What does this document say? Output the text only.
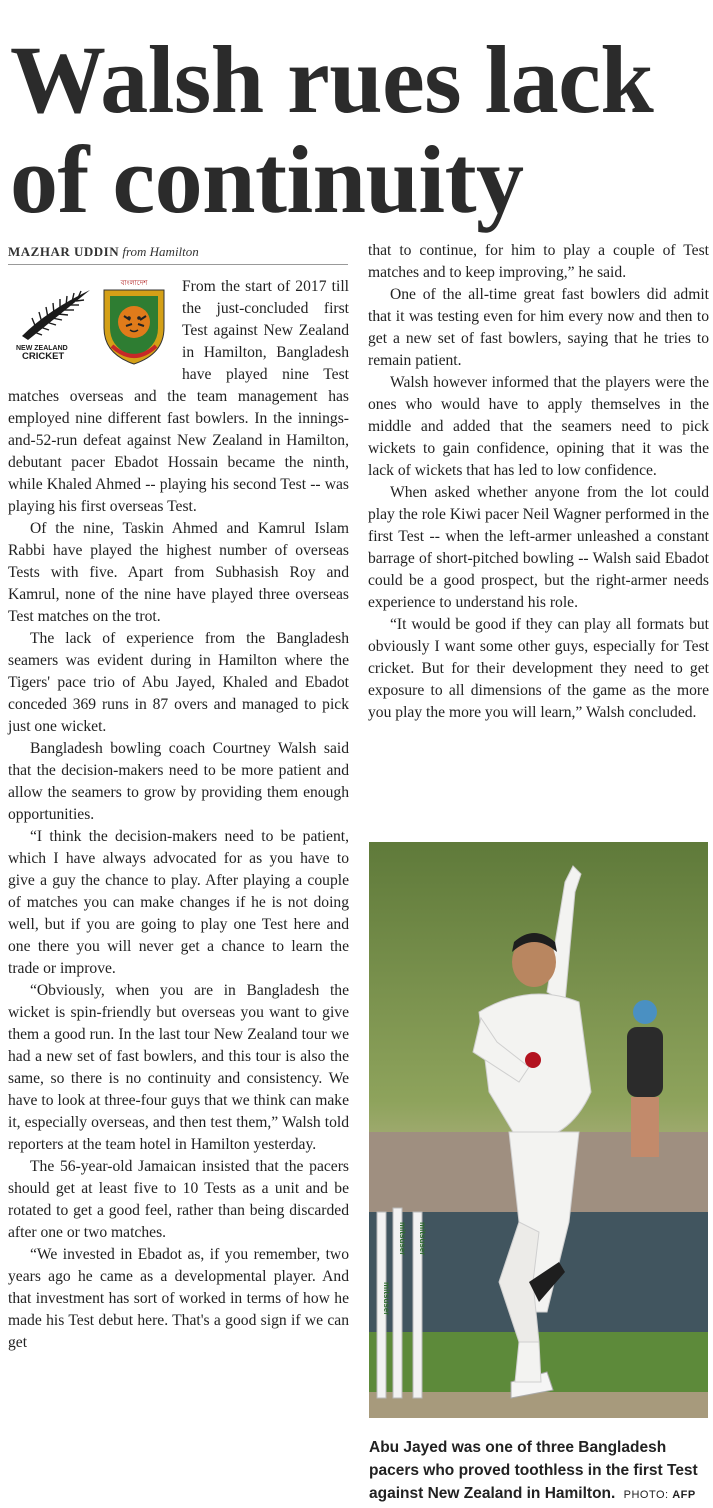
Walsh rues lack of continuity
MAZHAR UDDIN from Hamilton
NEW ZEALAND
CRICKET
বাংলাদেশ	From the start of 2017 till the just-concluded first Test against New Zealand in Hamilton, Bangladesh have played nine Test matches overseas and the team management has employed nine different fast bowlers. In the innings-and-52-run defeat against New Zealand in Hamilton, debutant pacer Ebadot Hossain became the ninth, while Khaled Ahmed -- playing his second Test -- was playing his first overseas Test.

Of the nine, Taskin Ahmed and Kamrul Islam Rabbi have played the highest number of overseas Tests with five. Apart from Subhasish Roy and Kamrul, none of the nine have played three overseas Test matches on the trot.

The lack of experience from the Bangladesh seamers was evident during in Hamilton where the Tigers' pace trio of Abu Jayed, Khaled and Ebadot conceded 369 runs in 87 overs and managed to pick just one wicket.

Bangladesh bowling coach Courtney Walsh said that the decision-makers need to be more patient and allow the seamers to grow by providing them enough opportunities.

“I think the decision-makers need to be patient, which I have always advocated for as you have to give a guy the chance to play. After playing a couple of matches you can make changes if he is not doing well, but if you are going to play one Test here and one there you will never get a chance to learn the trade or improve.

“Obviously, when you are in Bangladesh the wicket is spin-friendly but overseas you want to give them a good run. In the last tour New Zealand tour we had a new set of fast bowlers, and this tour is also the same, so there is no continuity and consistency. We have to look at three-four guys that we think can make it, especially overseas, and then test them,” Walsh told reporters at the team hotel in Hamilton yesterday.

The 56-year-old Jamaican insisted that the pacers should get at least five to 10 Tests as a unit and be rotated to get a good feel, rather than being discarded after one or two matches.

“We invested in Ebadot as, if you remember, two years ago he came as a developmental player. And that investment has sort of worked in terms of how he made his Test debut here. That's a good sign if we can get

that to continue, for him to play a couple of Test matches and to keep improving,” he said.

One of the all-time great fast bowlers did admit that it was testing even for him every now and then to get a new set of fast bowlers, saying that he tries to remain patient.

Walsh however informed that the players were the ones who would have to apply themselves in the middle and added that the seamers need to pick wickets to gain confidence, opining that it was the lack of wickets that has led to low confidence.

When asked whether anyone from the lot could play the role Kiwi pacer Neil Wagner performed in the first Test -- when the left-armer unleashed a constant barrage of short-pitched bowling -- Walsh said Ebadot could be a good prospect, but the right-armer needs experience to understand his role.

“It would be good if they can play all formats but obviously I want some other guys, especially for Test cricket. But for their development they need to get exposure to all dimensions of the game as the more you play the more you will learn,” Walsh concluded.

mitsuser
mitsuser mitsuser
Abu Jayed was one of three Bangladesh pacers who proved toothless in the first Test against New Zealand in Hamilton. PHOTO: AFP
